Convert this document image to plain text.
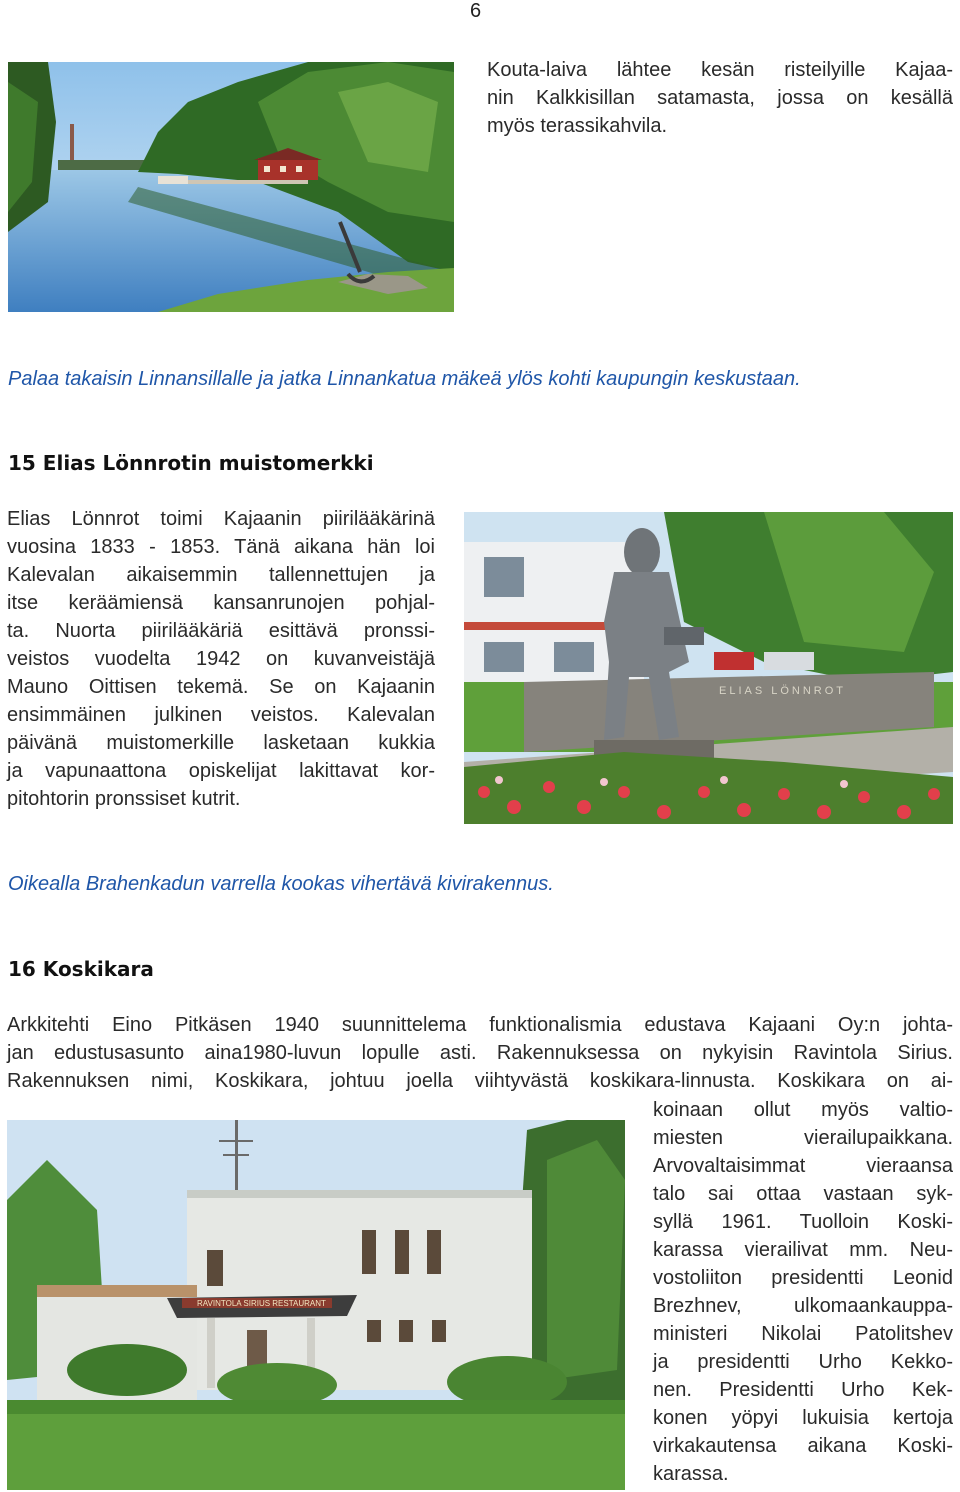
6
Kouta-laiva lähtee kesän risteilyille Kajaa-
nin Kalkkisillan satamasta, jossa on kesällä
myös terassikahvila.
Palaa takaisin Linnansillalle ja jatka Linnankatua mäkeä ylös kohti kaupungin keskustaan.
15 Elias Lönnrotin muistomerkki
Elias Lönnrot toimi Kajaanin piirilääkärinä
vuosina 1833 - 1853. Tänä aikana hän loi
Kalevalan aikaisemmin tallennettujen ja
itse keräämiensä kansanrunojen pohjal-
ta. Nuorta piirilääkäriä esittävä pronssi-
veistos vuodelta 1942 on kuvanveistäjä
Mauno Oittisen tekemä. Se on Kajaanin
ensimmäinen julkinen veistos. Kalevalan
päivänä muistomerkille lasketaan kukkia
ja vapunaattona opiskelijat lakittavat kor-
pitohtorin pronssiset kutrit.
ELIAS LÖNNROT
Oikealla Brahenkadun varrella kookas vihertävä kivirakennus.
16 Koskikara
Arkkitehti Eino Pitkäsen 1940 suunnittelema funktionalismia edustava Kajaani Oy:n johta-
jan edustusasunto aina1980-luvun lopulle asti. Rakennuksessa on nykyisin Ravintola Sirius.
Rakennuksen nimi, Koskikara, johtuu joella viihtyvästä koskikara-linnusta. Koskikara on ai-
RAVINTOLA SIRIUS RESTAURANT
koinaan ollut myös valtio-
miesten vierailupaikkana.
Arvovaltaisimmat vieraansa
talo sai ottaa vastaan syk-
syllä 1961. Tuolloin Koski-
karassa vierailivat mm. Neu-
vostoliiton presidentti Leonid
Brezhnev, ulkomaankauppa-
ministeri Nikolai Patolitshev
ja presidentti Urho Kekko-
nen. Presidentti Urho Kek-
konen yöpyi lukuisia kertoja
virkakautensa aikana Koski-
karassa.
